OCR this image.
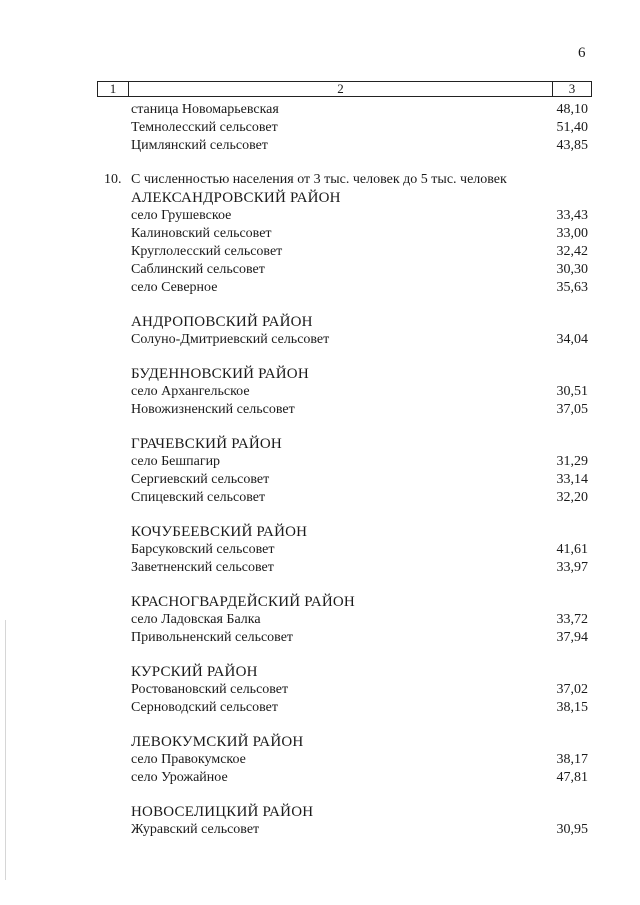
6
1	2	3
станица Новомарьевская	48,10
Темнолесский сельсовет	51,40
Цимлянский сельсовет	43,85
10. С численностью населения от 3 тыс. человек до 5 тыс. человек
АЛЕКСАНДРОВСКИЙ РАЙОН
село Грушевское	33,43
Калиновский сельсовет	33,00
Круглолесский сельсовет	32,42
Саблинский сельсовет	30,30
село Северное	35,63
АНДРОПОВСКИЙ РАЙОН
Солуно-Дмитриевский сельсовет	34,04
БУДЕННОВСКИЙ РАЙОН
село Архангельское	30,51
Новожизненский сельсовет	37,05
ГРАЧЕВСКИЙ РАЙОН
село Бешпагир	31,29
Сергиевский сельсовет	33,14
Спицевский сельсовет	32,20
КОЧУБЕЕВСКИЙ РАЙОН
Барсуковский сельсовет	41,61
Заветненский сельсовет	33,97
КРАСНОГВАРДЕЙСКИЙ РАЙОН
село Ладовская Балка	33,72
Привольненский сельсовет	37,94
КУРСКИЙ РАЙОН
Ростовановский сельсовет	37,02
Серноводский сельсовет	38,15
ЛЕВОКУМСКИЙ РАЙОН
село Правокумское	38,17
село Урожайное	47,81
НОВОСЕЛИЦКИЙ РАЙОН
Журавский сельсовет	30,95
